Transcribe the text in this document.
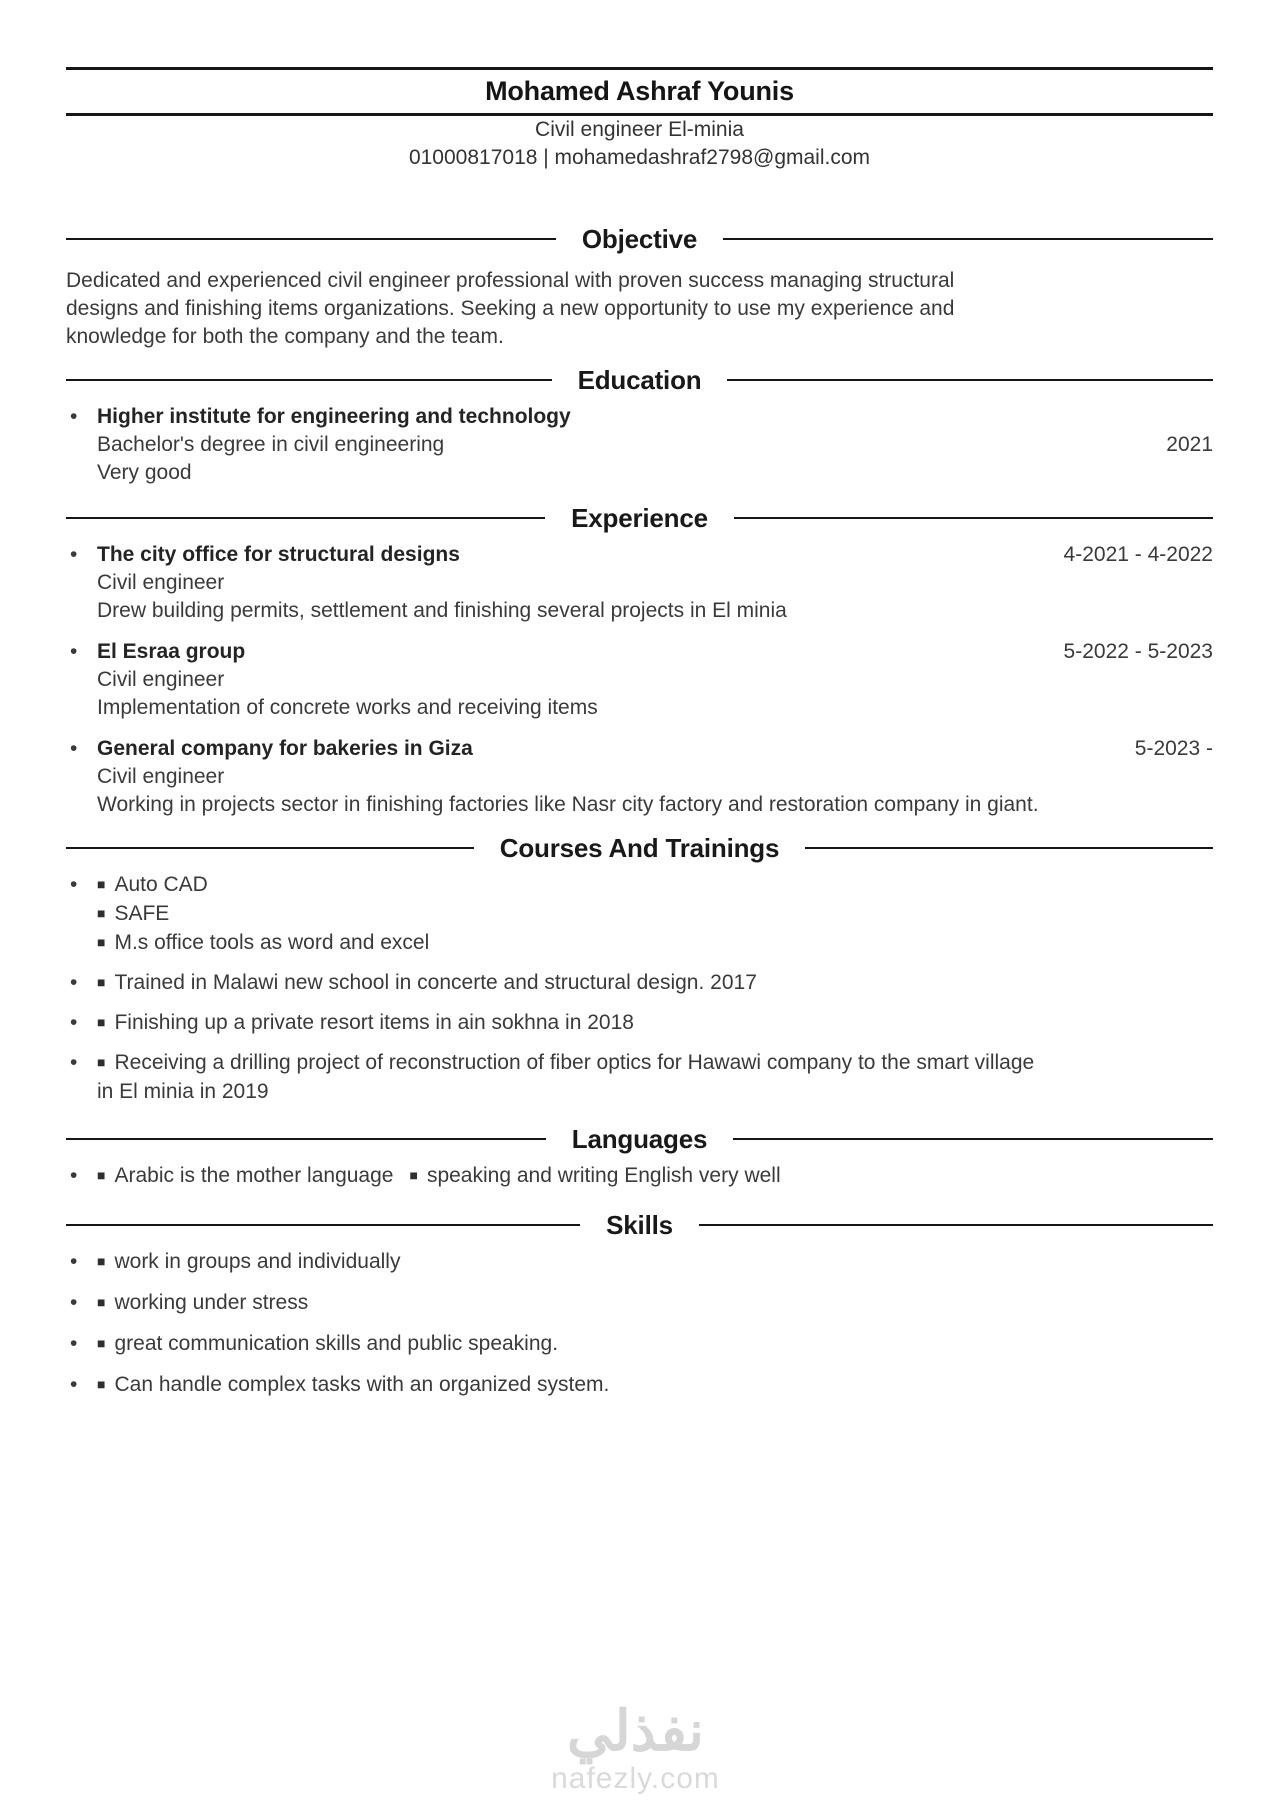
Mohamed Ashraf Younis
Civil engineer El-minia
01000817018 | mohamedashraf2798@gmail.com
Objective

Dedicated and experienced civil engineer professional with proven success managing structural designs and finishing items organizations. Seeking a new opportunity to use my experience and knowledge for both the company and the team.

Education
• Higher institute for engineering and technology
Bachelor's degree in civil engineering	2021
Very good
Experience
• The city office for structural designs	4-2021 - 4-2022
Civil engineer
Drew building permits, settlement and finishing several projects in El minia
• El Esraa group	5-2022 - 5-2023
Civil engineer
Implementation of concrete works and receiving items
• General company for bakeries in Giza	5-2023 -
Civil engineer
Working in projects sector in finishing factories like Nasr city factory and restoration company in giant.
Courses And Trainings
•	■ Auto CAD
■ SAFE
■ M.s office tools as word and excel
•	■ Trained in Malawi new school in concerte and structural design. 2017
•	■ Finishing up a private resort items in ain sokhna in 2018
•	■ Receiving a drilling project of reconstruction of fiber optics for Hawawi company to the smart village in El minia in 2019
Languages
•	■ Arabic is the mother language ■ speaking and writing English very well
Skills
•	■ work in groups and individually
•	■ working under stress
•	■ great communication skills and public speaking.
•	■ Can handle complex tasks with an organized system.
نفذلي
nafezly.com
